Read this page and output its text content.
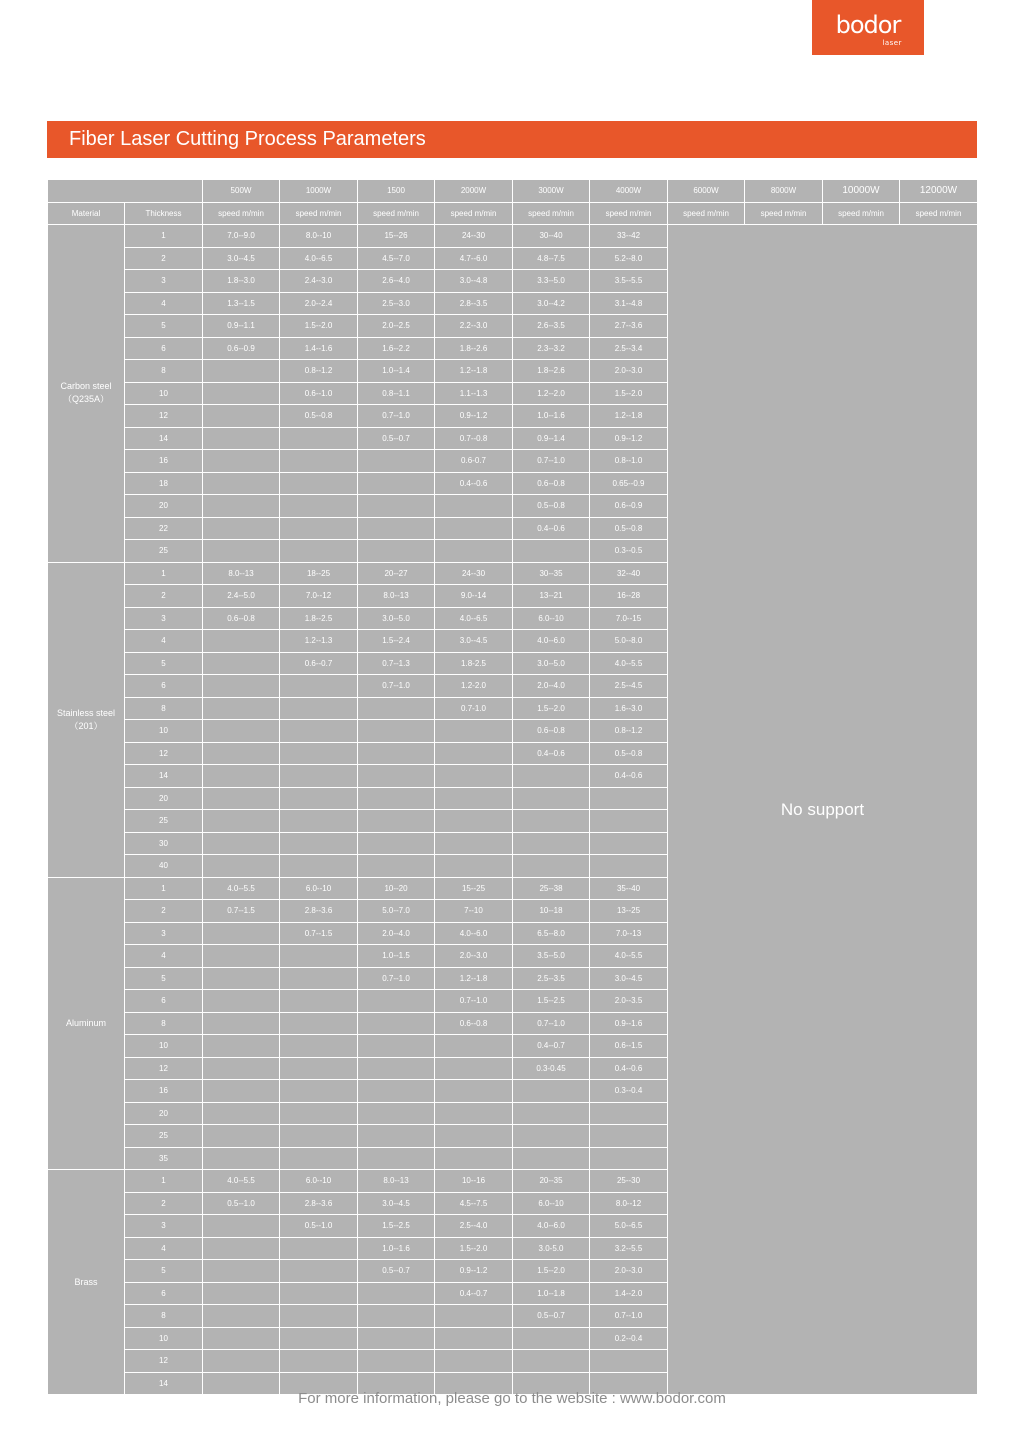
bodor
laser
Fiber Laser Cutting Process Parameters
		500W	1000W	1500	2000W	3000W	4000W	6000W	8000W	10000W	12000W
Material	Thickness	speed m/min	speed m/min	speed m/min	speed m/min	speed m/min	speed m/min	speed m/min	speed m/min	speed m/min	speed m/min
Carbon steel
（Q235A）	1	7.0--9.0	8.0--10	15--26	24--30	30--40	33--42	No support			
	2	3.0--4.5	4.0--6.5	4.5--7.0	4.7--6.0	4.8--7.5	5.2--8.0				
	3	1.8--3.0	2.4--3.0	2.6--4.0	3.0--4.8	3.3--5.0	3.5--5.5				
	4	1.3--1.5	2.0--2.4	2.5--3.0	2.8--3.5	3.0--4.2	3.1--4.8				
	5	0.9--1.1	1.5--2.0	2.0--2.5	2.2--3.0	2.6--3.5	2.7--3.6				
	6	0.6--0.9	1.4--1.6	1.6--2.2	1.8--2.6	2.3--3.2	2.5--3.4				
	8		0.8--1.2	1.0--1.4	1.2--1.8	1.8--2.6	2.0--3.0				
	10		0.6--1.0	0.8--1.1	1.1--1.3	1.2--2.0	1.5--2.0				
	12		0.5--0.8	0.7--1.0	0.9--1.2	1.0--1.6	1.2--1.8				
	14			0.5--0.7	0.7--0.8	0.9--1.4	0.9--1.2				
	16				0.6-0.7	0.7--1.0	0.8--1.0				
	18				0.4--0.6	0.6--0.8	0.65--0.9				
	20					0.5--0.8	0.6--0.9				
	22					0.4--0.6	0.5--0.8				
	25						0.3--0.5				
Stainless steel
（201）	1	8.0--13	18--25	20--27	24--30	30--35	32--40				
	2	2.4--5.0	7.0--12	8.0--13	9.0--14	13--21	16--28				
	3	0.6--0.8	1.8--2.5	3.0--5.0	4.0--6.5	6.0--10	7.0--15				
	4		1.2--1.3	1.5--2.4	3.0--4.5	4.0--6.0	5.0--8.0				
	5		0.6--0.7	0.7--1.3	1.8-2.5	3.0--5.0	4.0--5.5				
	6			0.7--1.0	1.2-2.0	2.0--4.0	2.5--4.5				
	8				0.7-1.0	1.5--2.0	1.6--3.0				
	10					0.6--0.8	0.8--1.2				
	12					0.4--0.6	0.5--0.8				
	14						0.4--0.6				
	20										
	25										
	30										
	40										
Aluminum	1	4.0--5.5	6.0--10	10--20	15--25	25--38	35--40				
	2	0.7--1.5	2.8--3.6	5.0--7.0	7--10	10--18	13--25				
	3		0.7--1.5	2.0--4.0	4.0--6.0	6.5--8.0	7.0--13				
	4			1.0--1.5	2.0--3.0	3.5--5.0	4.0--5.5				
	5			0.7--1.0	1.2--1.8	2.5--3.5	3.0--4.5				
	6				0.7--1.0	1.5--2.5	2.0--3.5				
	8				0.6--0.8	0.7--1.0	0.9--1.6				
	10					0.4--0.7	0.6--1.5				
	12					0.3-0.45	0.4--0.6				
	16						0.3--0.4				
	20										
	25										
	35										
Brass	1	4.0--5.5	6.0--10	8.0--13	10--16	20--35	25--30				
	2	0.5--1.0	2.8--3.6	3.0--4.5	4.5--7.5	6.0--10	8.0--12				
	3		0.5--1.0	1.5--2.5	2.5--4.0	4.0--6.0	5.0--6.5				
	4			1.0--1.6	1.5--2.0	3.0-5.0	3.2--5.5				
	5			0.5--0.7	0.9--1.2	1.5--2.0	2.0--3.0				
	6				0.4--0.7	1.0--1.8	1.4--2.0				
	8					0.5--0.7	0.7--1.0				
	10						0.2--0.4				
	12										
	14										
For more information, please go to the website : www.bodor.com
